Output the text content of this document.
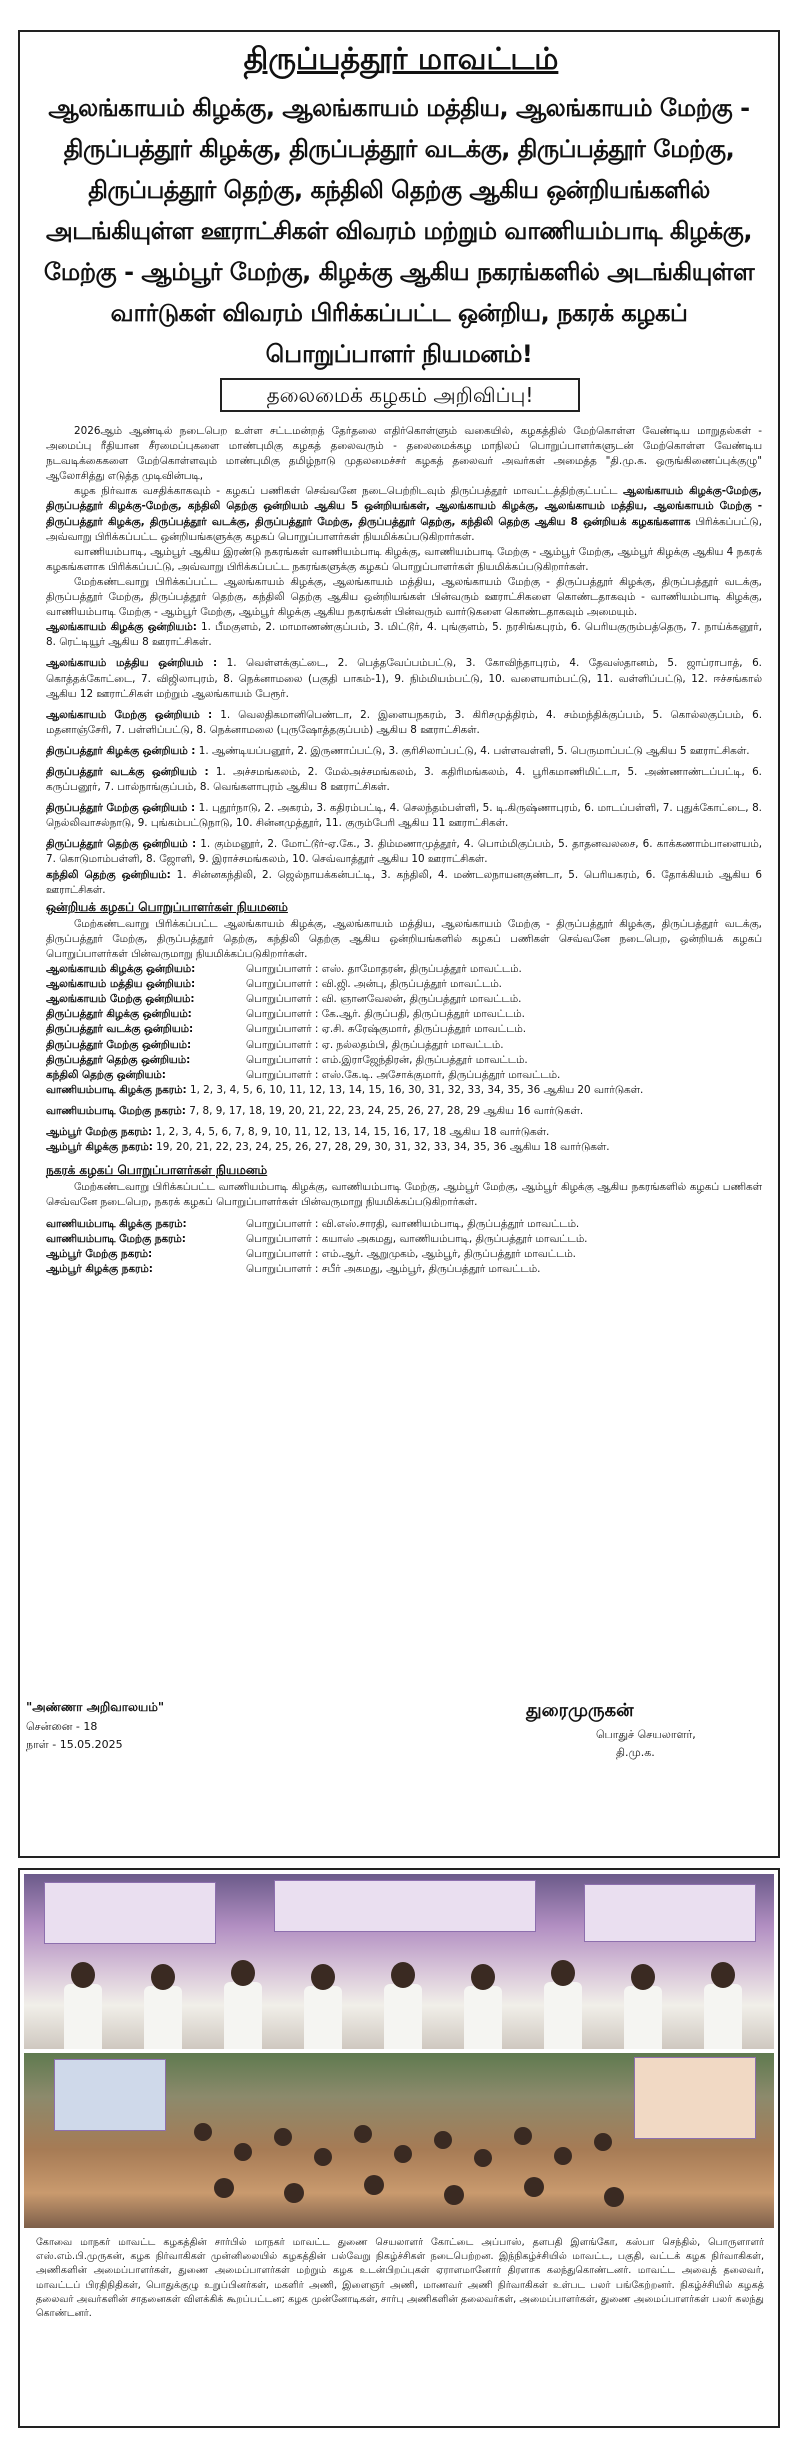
திருப்பத்தூர் மாவட்டம்
ஆலங்காயம் கிழக்கு, ஆலங்காயம் மத்திய, ஆலங்காயம் மேற்கு - திருப்பத்தூர் கிழக்கு, திருப்பத்தூர் வடக்கு, திருப்பத்தூர் மேற்கு, திருப்பத்தூர் தெற்கு, கந்திலி தெற்கு ஆகிய ஒன்றியங்களில் அடங்கியுள்ள ஊராட்சிகள் விவரம் மற்றும் வாணியம்பாடி கிழக்கு, மேற்கு - ஆம்பூர் மேற்கு, கிழக்கு ஆகிய நகரங்களில் அடங்கியுள்ள வார்டுகள் விவரம் பிரிக்கப்பட்ட ஒன்றிய, நகரக் கழகப் பொறுப்பாளர் நியமனம்!
தலைமைக் கழகம் அறிவிப்பு!

2026ஆம் ஆண்டில் நடைபெற உள்ள சட்டமன்றத் தேர்தலை எதிர்கொள்ளும் வகையில், கழகத்தில் மேற்கொள்ள வேண்டிய மாறுதல்கள் - அமைப்பு ரீதியான சீரமைப்புகளை மாண்புமிகு கழகத் தலைவரும் - தலைமைக்கழ மாநிலப் பொறுப்பாளர்களுடன் மேற்கொள்ள வேண்டிய நடவடிக்கைகளை மேற்கொள்ளவும் மாண்புமிகு தமிழ்நாடு முதலமைச்சர் கழகத் தலைவர் அவர்கள் அமைத்த "தி.மு.க. ஒருங்கிணைப்புக்குழு" ஆலோசித்து எடுத்த முடிவின்படி,

கழக நிர்வாக வசதிக்காகவும் - கழகப் பணிகள் செவ்வனே நடைபெற்றிடவும் திருப்பத்தூர் மாவட்டத்திற்குட்பட்ட ஆலங்காயம் கிழக்கு-மேற்கு, திருப்பத்தூர் கிழக்கு-மேற்கு, கந்திலி தெற்கு ஒன்றியம் ஆகிய 5 ஒன்றியங்கள், ஆலங்காயம் கிழக்கு, ஆலங்காயம் மத்திய, ஆலங்காயம் மேற்கு - திருப்பத்தூர் கிழக்கு, திருப்பத்தூர் வடக்கு, திருப்பத்தூர் மேற்கு, திருப்பத்தூர் தெற்கு, கந்திலி தெற்கு ஆகிய 8 ஒன்றியக் கழகங்களாக பிரிக்கப்பட்டு, அவ்வாறு பிரிக்கப்பட்ட ஒன்றியங்களுக்கு கழகப் பொறுப்பாளர்கள் நியமிக்கப்படுகிறார்கள்.

வாணியம்பாடி, ஆம்பூர் ஆகிய இரண்டு நகரங்கள் வாணியம்பாடி கிழக்கு, வாணியம்பாடி மேற்கு - ஆம்பூர் மேற்கு, ஆம்பூர் கிழக்கு ஆகிய 4 நகரக் கழகங்களாக பிரிக்கப்பட்டு, அவ்வாறு பிரிக்கப்பட்ட நகரங்களுக்கு கழகப் பொறுப்பாளர்கள் நியமிக்கப்படுகிறார்கள்.

மேற்கண்டவாறு பிரிக்கப்பட்ட ஆலங்காயம் கிழக்கு, ஆலங்காயம் மத்திய, ஆலங்காயம் மேற்கு - திருப்பத்தூர் கிழக்கு, திருப்பத்தூர் வடக்கு, திருப்பத்தூர் மேற்கு, திருப்பத்தூர் தெற்கு, கந்திலி தெற்கு ஆகிய ஒன்றியங்கள் பின்வரும் ஊராட்சிகளை கொண்டதாகவும் - வாணியம்பாடி கிழக்கு, வாணியம்பாடி மேற்கு - ஆம்பூர் மேற்கு, ஆம்பூர் கிழக்கு ஆகிய நகரங்கள் பின்வரும் வார்டுகளை கொண்டதாகவும் அமையும்.

ஆலங்காயம் கிழக்கு ஒன்றியம்: 1. பீமகுளம், 2. மாமாணண்குப்பம், 3. மிட்டூர், 4. புங்குளம், 5. நரசிங்கபுரம், 6. பெரியகுரும்பத்தெரு, 7. நாய்க்கனூர், 8. ரெட்டியூர் ஆகிய 8 ஊராட்சிகள்.

ஆலங்காயம் மத்திய ஒன்றியம் : 1. வெள்ளக்குட்டை, 2. பெத்தவேப்பம்பட்டு, 3. கோவிந்தாபுரம், 4. தேவஸ்தானம், 5. ஜாப்ராபாத், 6. கொத்தக்கோட்டை, 7. விஜிலாபுரம், 8. நெக்னாமலை (பகுதி பாகம்-1), 9. நிம்மியம்பட்டு, 10. வளையாம்பட்டு, 11. வள்ளிப்பட்டு, 12. ஈச்சங்கால் ஆகிய 12 ஊராட்சிகள் மற்றும் ஆலங்காயம் பேரூர்.

ஆலங்காயம் மேற்கு ஒன்றியம் : 1. வெலதிகமானிபெண்டா, 2. இளையநகரம், 3. கிரிசமுத்திரம், 4. சம்மந்திக்குப்பம், 5. கொல்லகுப்பம், 6. மதனாஞ்சேரி, 7. பள்ளிப்பட்டு, 8. நெக்னாமலை (புருஷோத்தகுப்பம்) ஆகிய 8 ஊராட்சிகள்.

திருப்பத்தூர் கிழக்கு ஒன்றியம் : 1. ஆண்டியப்பனூர், 2. இருணாப்பட்டு, 3. குரிசிலாப்பட்டு, 4. பள்ளவள்ளி, 5. பெருமாப்பட்டு ஆகிய 5 ஊராட்சிகள்.

திருப்பத்தூர் வடக்கு ஒன்றியம் : 1. அச்சமங்கலம், 2. மேல்அச்சமங்கலம், 3. கதிரிமங்கலம், 4. பூரிகமாணிமிட்டா, 5. அண்ணாண்டப்பட்டி, 6. கருப்பனூர், 7. பால்நாங்குப்பம், 8. வெங்களாபுரம் ஆகிய 8 ஊராட்சிகள்.

திருப்பத்தூர் மேற்கு ஒன்றியம் : 1. புதூர்நாடு, 2. அகரம், 3. கதிரம்பட்டி, 4. செலந்தம்பள்ளி, 5. டி.கிருஷ்ணாபுரம், 6. மாடப்பள்ளி, 7. புதுக்கோட்டை, 8. நெல்லிவாசல்நாடு, 9. புங்கம்பட்டுநாடு, 10. சின்னமுத்தூர், 11. குரும்பேரி ஆகிய 11 ஊராட்சிகள்.

திருப்பத்தூர் தெற்கு ஒன்றியம் : 1. கும்மனூர், 2. மோட்டூர்-ஏ.கே., 3. திம்மணாமுத்தூர், 4. பொம்மிகுப்பம், 5. தாதனவலசை, 6. காக்கணாம்பாளையம், 7. கொடுமாம்பள்ளி, 8. ஜோளி, 9. இராச்சமங்கலம், 10. செவ்வாத்தூர் ஆகிய 10 ஊராட்சிகள்.

கந்திலி தெற்கு ஒன்றியம்: 1. சின்னகந்திலி, 2. ஜெல்நாயக்கன்பட்டி, 3. கந்திலி, 4. மண்டலநாயனகுண்டா, 5. பெரியகரம், 6. தோக்கியம் ஆகிய 6 ஊராட்சிகள்.

ஒன்றியக் கழகப் பொறுப்பாளர்கள் நியமனம்

மேற்கண்டவாறு பிரிக்கப்பட்ட ஆலங்காயம் கிழக்கு, ஆலங்காயம் மத்திய, ஆலங்காயம் மேற்கு - திருப்பத்தூர் கிழக்கு, திருப்பத்தூர் வடக்கு, திருப்பத்தூர் மேற்கு, திருப்பத்தூர் தெற்கு, கந்திலி தெற்கு ஆகிய ஒன்றியங்களில் கழகப் பணிகள் செவ்வனே நடைபெற, ஒன்றியக் கழகப் பொறுப்பாளர்கள் பின்வருமாறு நியமிக்கப்படுகிறார்கள்.

ஆலங்காயம் கிழக்கு ஒன்றியம்:	பொறுப்பாளர் : எஸ். தாமோதரன், திருப்பத்தூர் மாவட்டம்.

ஆலங்காயம் மத்திய ஒன்றியம்:	பொறுப்பாளர் : வி.ஜி. அன்பு, திருப்பத்தூர் மாவட்டம்.

ஆலங்காயம் மேற்கு ஒன்றியம்:	பொறுப்பாளர் : வி. ஞானவேலன், திருப்பத்தூர் மாவட்டம்.

திருப்பத்தூர் கிழக்கு ஒன்றியம்:	பொறுப்பாளர் : கே.ஆர். திருப்பதி, திருப்பத்தூர் மாவட்டம்.

திருப்பத்தூர் வடக்கு ஒன்றியம்:	பொறுப்பாளர் : ஏ.சி. சுரேஷ்குமார், திருப்பத்தூர் மாவட்டம்.

திருப்பத்தூர் மேற்கு ஒன்றியம்:	பொறுப்பாளர் : ஏ. நல்லதம்பி, திருப்பத்தூர் மாவட்டம்.

திருப்பத்தூர் தெற்கு ஒன்றியம்:	பொறுப்பாளர் : எம்.இராஜேந்திரன், திருப்பத்தூர் மாவட்டம்.

கந்திலி தெற்கு ஒன்றியம்:	பொறுப்பாளர் : எஸ்.கே.டி. அசோக்குமார், திருப்பத்தூர் மாவட்டம்.

வாணியம்பாடி கிழக்கு நகரம்: 1, 2, 3, 4, 5, 6, 10, 11, 12, 13, 14, 15, 16, 30, 31, 32, 33, 34, 35, 36 ஆகிய 20 வார்டுகள்.

வாணியம்பாடி மேற்கு நகரம்: 7, 8, 9, 17, 18, 19, 20, 21, 22, 23, 24, 25, 26, 27, 28, 29 ஆகிய 16 வார்டுகள்.

ஆம்பூர் மேற்கு நகரம்: 1, 2, 3, 4, 5, 6, 7, 8, 9, 10, 11, 12, 13, 14, 15, 16, 17, 18 ஆகிய 18 வார்டுகள்.

ஆம்பூர் கிழக்கு நகரம்: 19, 20, 21, 22, 23, 24, 25, 26, 27, 28, 29, 30, 31, 32, 33, 34, 35, 36 ஆகிய 18 வார்டுகள்.

நகரக் கழகப் பொறுப்பாளர்கள் நியமனம்

மேற்கண்டவாறு பிரிக்கப்பட்ட வாணியம்பாடி கிழக்கு, வாணியம்பாடி மேற்கு, ஆம்பூர் மேற்கு, ஆம்பூர் கிழக்கு ஆகிய நகரங்களில் கழகப் பணிகள் செவ்வனே நடைபெற, நகரக் கழகப் பொறுப்பாளர்கள் பின்வருமாறு நியமிக்கப்படுகிறார்கள்.

வாணியம்பாடி கிழக்கு நகரம்:	பொறுப்பாளர் : வி.எஸ்.சாரதி, வாணியம்பாடி, திருப்பத்தூர் மாவட்டம்.

வாணியம்பாடி மேற்கு நகரம்:	பொறுப்பாளர் : கயாஸ் அகமது, வாணியம்பாடி, திருப்பத்தூர் மாவட்டம்.

ஆம்பூர் மேற்கு நகரம்:	பொறுப்பாளர் : எம்.ஆர். ஆறுமுகம், ஆம்பூர், திருப்பத்தூர் மாவட்டம்.

ஆம்பூர் கிழக்கு நகரம்:	பொறுப்பாளர் : சபீர் அகமது, ஆம்பூர், திருப்பத்தூர் மாவட்டம்.

"அண்ணா அறிவாலயம்"
சென்னை - 18
நாள் - 15.05.2025
துரைமுருகன்
பொதுச் செயலாளர்,
தி.மு.க.
கோவை மாநகர் மாவட்ட கழகத்தின் சார்பில் மாநகர் மாவட்ட துணை செயலாளர் கோட்டை அப்பாஸ், தளபதி இளங்கோ, கஸ்பா செந்தில், பொருளாளர் எஸ்.எம்.பி.முருகன், கழக நிர்வாகிகள் முன்னிலையில் கழகத்தின் பல்வேறு நிகழ்ச்சிகள் நடைபெற்றன. இந்நிகழ்ச்சியில் மாவட்ட, பகுதி, வட்டக் கழக நிர்வாகிகள், அணிகளின் அமைப்பாளர்கள், துணை அமைப்பாளர்கள் மற்றும் கழக உடன்பிறப்புகள் ஏராளமானோர் திரளாக கலந்துகொண்டனர். மாவட்ட அவைத் தலைவர், மாவட்டப் பிரதிநிதிகள், பொதுக்குழு உறுப்பினர்கள், மகளிர் அணி, இளைஞர் அணி, மாணவர் அணி நிர்வாகிகள் உள்பட பலர் பங்கேற்றனர். நிகழ்ச்சியில் கழகத் தலைவர் அவர்களின் சாதனைகள் விளக்கிக் கூறப்பட்டன; கழக முன்னோடிகள், சார்பு அணிகளின் தலைவர்கள், அமைப்பாளர்கள், துணை அமைப்பாளர்கள் பலர் கலந்து கொண்டனர்.
